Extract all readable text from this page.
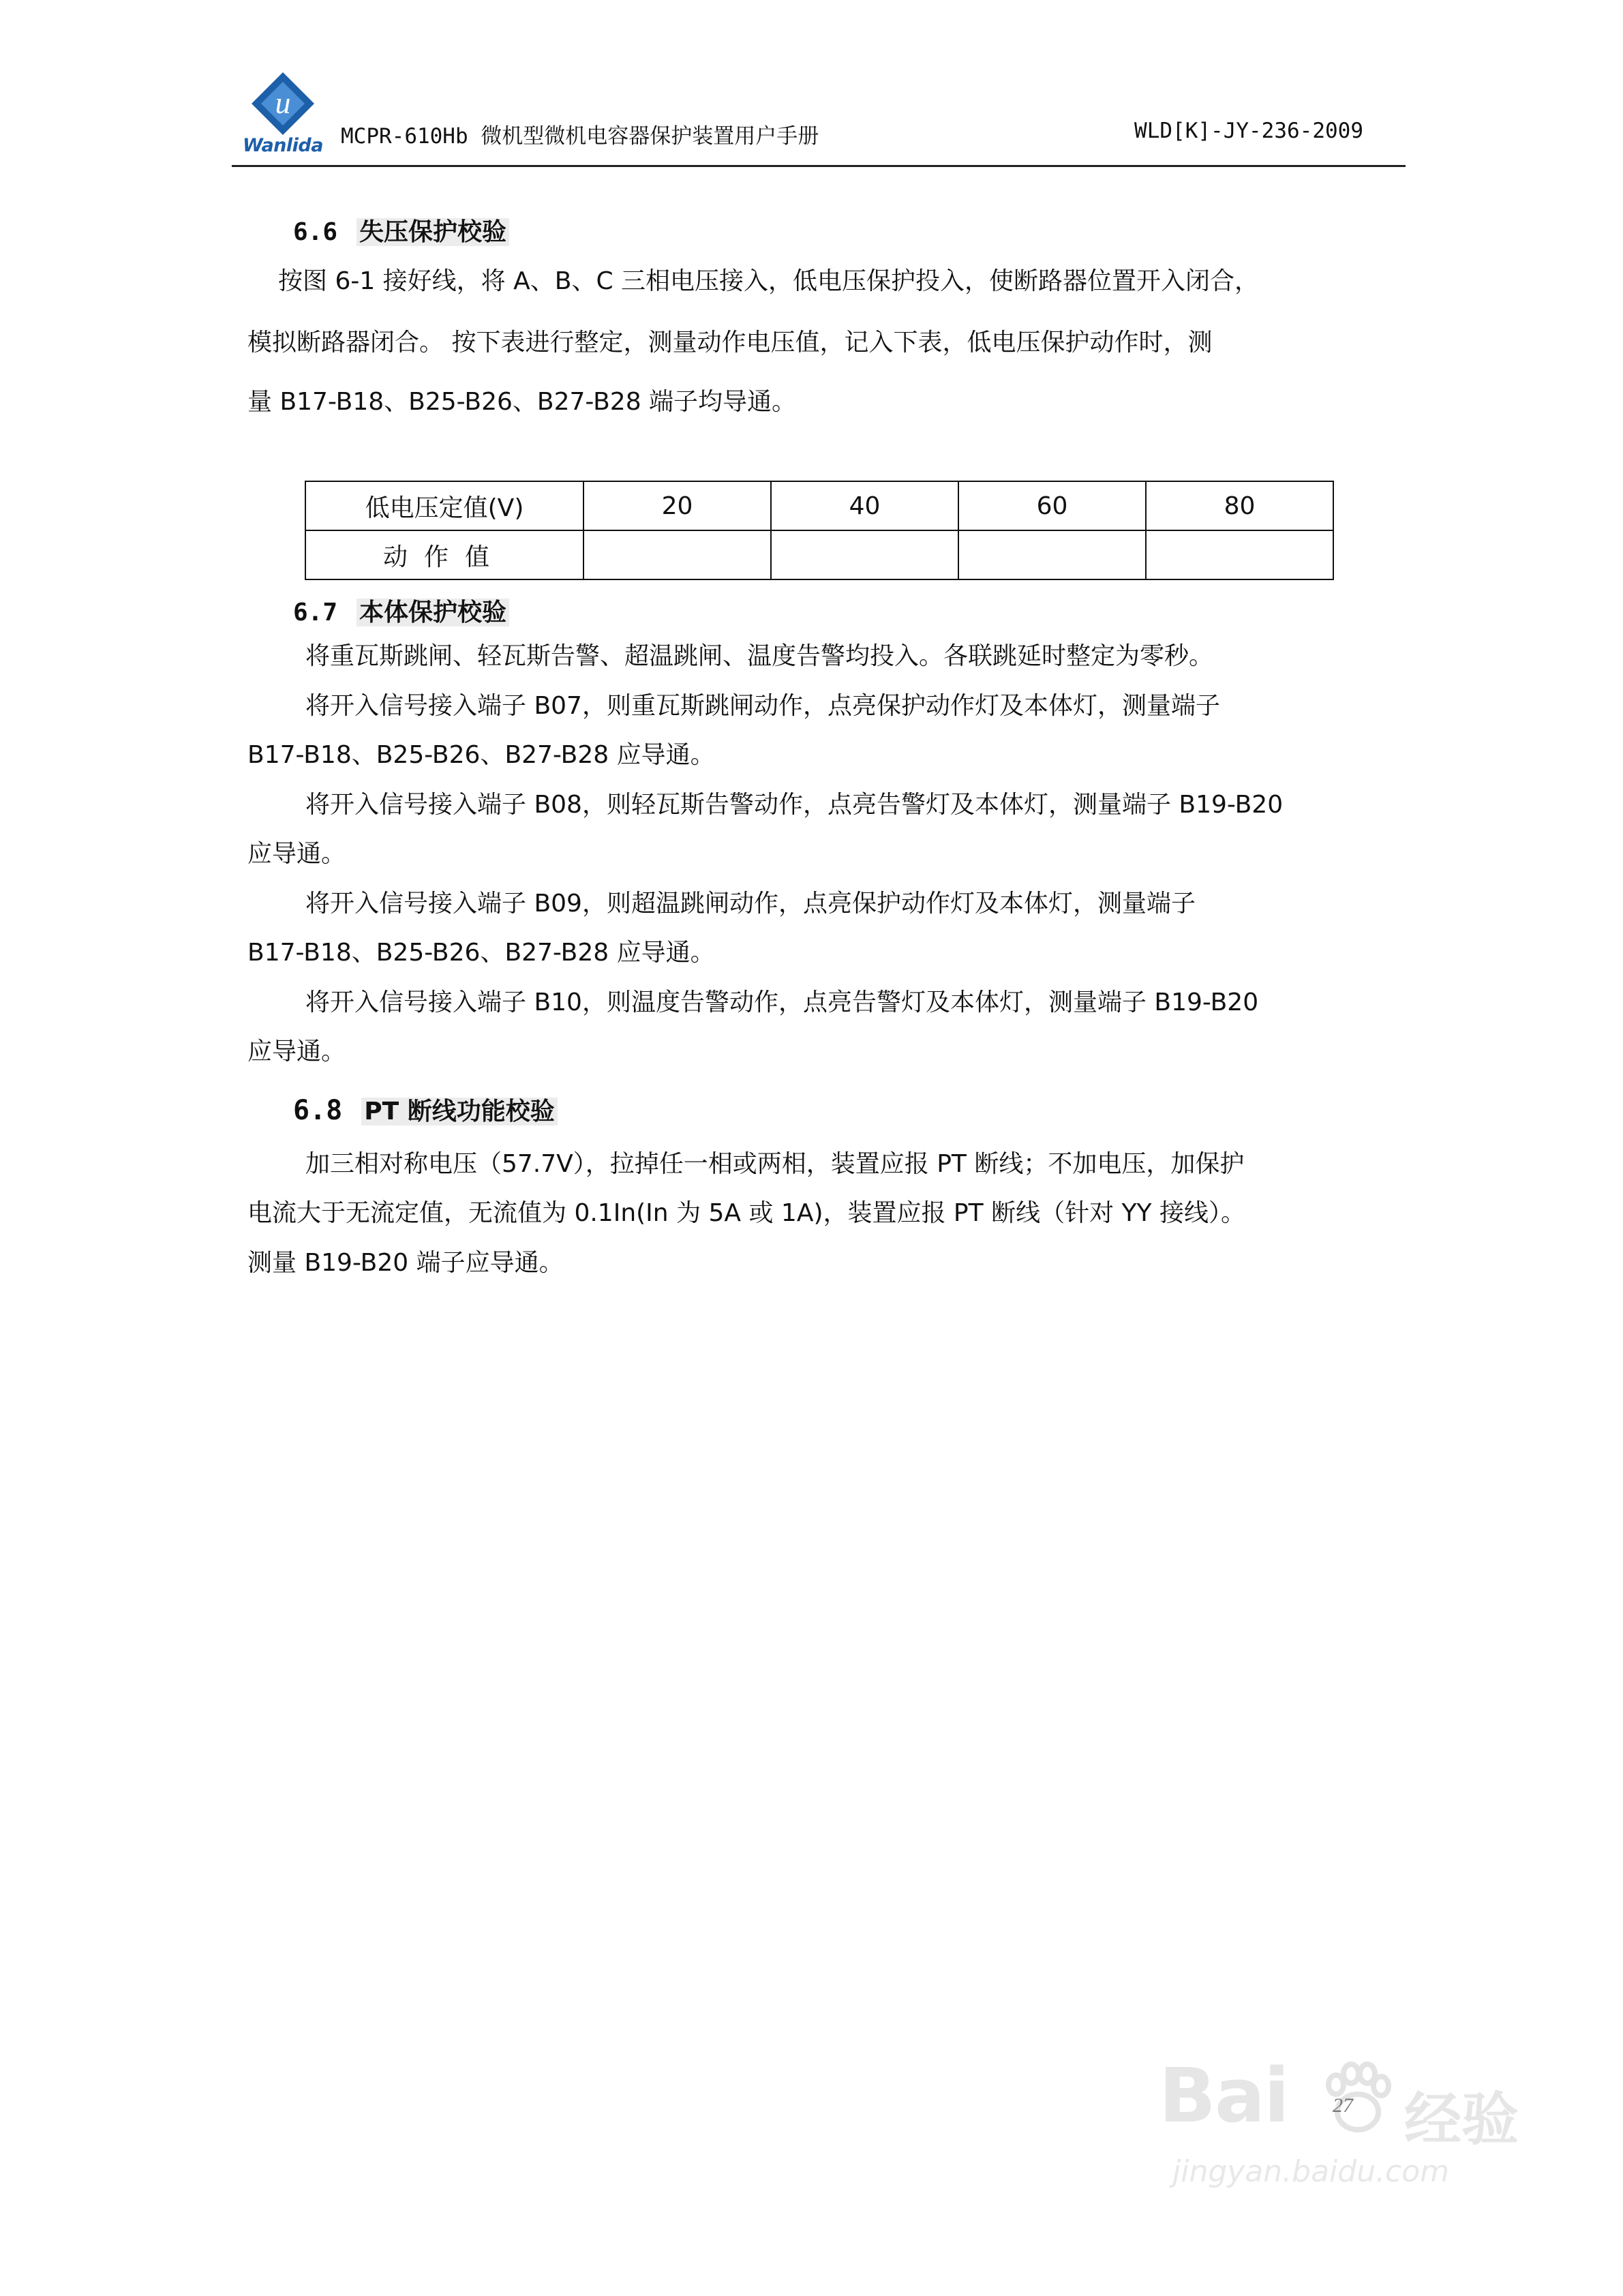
u
Wanlida MCPR-610Hb 微机型微机电容器保护装置用户手册	WLD[K]-JY-236-2009
6.6 失压保护校验
按图 6-1 接好线，将 A、B、C 三相电压接入，低电压保护投入，使断路器位置开入闭合，
模拟断路器闭合。 按下表进行整定，测量动作电压值，记入下表，低电压保护动作时，测
量 B17-B18、B25-B26、B27-B28 端子均导通。
低电压定值(V)	20	40	60	80
动作值				
6.7 本体保护校验
将重瓦斯跳闸、轻瓦斯告警、超温跳闸、温度告警均投入。各联跳延时整定为零秒。
将开入信号接入端子 B07，则重瓦斯跳闸动作，点亮保护动作灯及本体灯，测量端子
B17-B18、B25-B26、B27-B28 应导通。
将开入信号接入端子 B08，则轻瓦斯告警动作，点亮告警灯及本体灯，测量端子 B19-B20
应导通。
将开入信号接入端子 B09，则超温跳闸动作，点亮保护动作灯及本体灯，测量端子
B17-B18、B25-B26、B27-B28 应导通。
将开入信号接入端子 B10，则温度告警动作，点亮告警灯及本体灯，测量端子 B19-B20
应导通。
6.8 PT 断线功能校验
加三相对称电压（57.7V），拉掉任一相或两相，装置应报 PT 断线；不加电压，加保护
电流大于无流定值，无流值为 0.1In(In 为 5A 或 1A)，装置应报 PT 断线（针对 YY 接线）。
测量 B19-B20 端子应导通。
Bai 经验
jingyan.baidu.com
27
